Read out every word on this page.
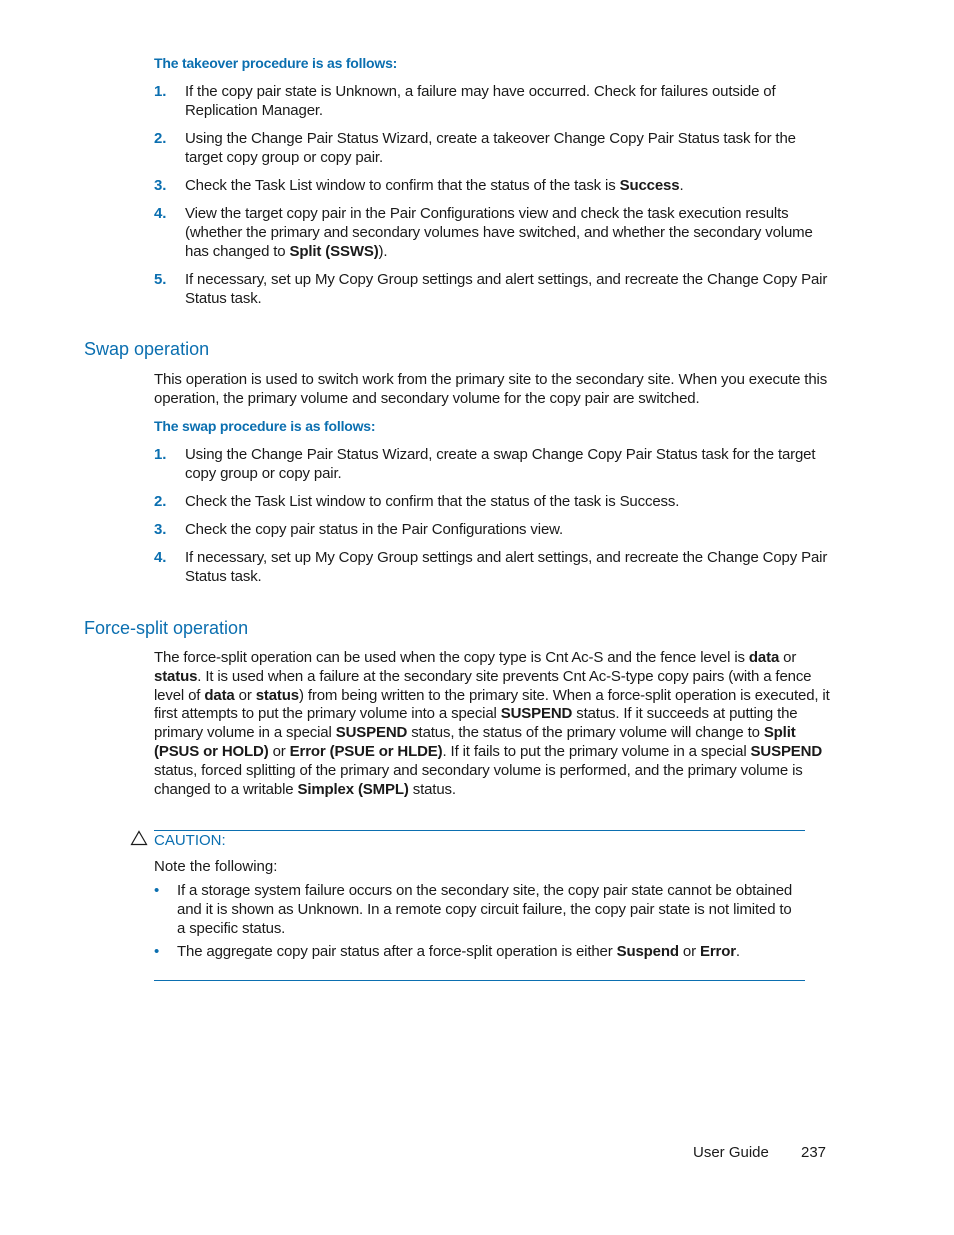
The takeover procedure is as follows:
1. If the copy pair state is Unknown, a failure may have occurred. Check for failures outside of Replication Manager.
2. Using the Change Pair Status Wizard, create a takeover Change Copy Pair Status task for the target copy group or copy pair.
3. Check the Task List window to confirm that the status of the task is Success.
4. View the target copy pair in the Pair Configurations view and check the task execution results (whether the primary and secondary volumes have switched, and whether the secondary volume has changed to Split (SSWS)).
5. If necessary, set up My Copy Group settings and alert settings, and recreate the Change Copy Pair Status task.
Swap operation
This operation is used to switch work from the primary site to the secondary site. When you execute this operation, the primary volume and secondary volume for the copy pair are switched.
The swap procedure is as follows:
1. Using the Change Pair Status Wizard, create a swap Change Copy Pair Status task for the target copy group or copy pair.
2. Check the Task List window to confirm that the status of the task is Success.
3. Check the copy pair status in the Pair Configurations view.
4. If necessary, set up My Copy Group settings and alert settings, and recreate the Change Copy Pair Status task.
Force-split operation
The force-split operation can be used when the copy type is Cnt Ac-S and the fence level is data or status. It is used when a failure at the secondary site prevents Cnt Ac-S-type copy pairs (with a fence level of data or status) from being written to the primary site. When a force-split operation is executed, it first attempts to put the primary volume into a special SUSPEND status. If it succeeds at putting the primary volume in a special SUSPEND status, the status of the primary volume will change to Split (PSUS or HOLD) or Error (PSUE or HLDE). If it fails to put the primary volume in a special SUSPEND status, forced splitting of the primary and secondary volume is performed, and the primary volume is changed to a writable Simplex (SMPL) status.
CAUTION:
Note the following:
• If a storage system failure occurs on the secondary site, the copy pair state cannot be obtained and it is shown as Unknown. In a remote copy circuit failure, the copy pair state is not limited to a specific status.
• The aggregate copy pair status after a force-split operation is either Suspend or Error.
User Guide 237
